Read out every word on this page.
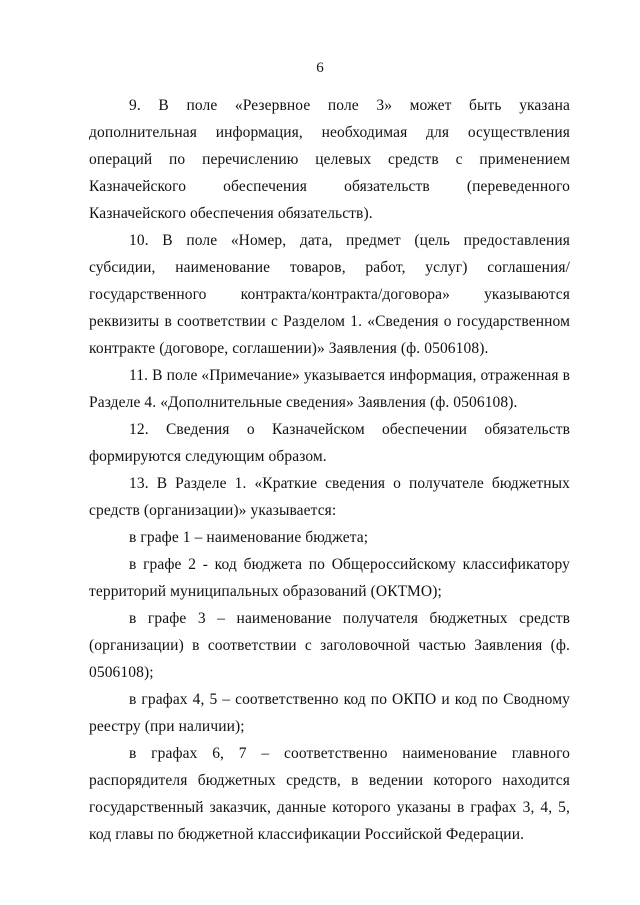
6

9. В поле «Резервное поле 3» может быть указана дополнительная информация, необходимая для осуществления операций по перечислению целевых средств с применением Казначейского обеспечения обязательств (переведенного Казначейского обеспечения обязательств).

10. В поле «Номер, дата, предмет (цель предоставления субсидии, наименование товаров, работ, услуг) соглашения/государственного контракта/контракта/договора» указываются реквизиты в соответствии с Разделом 1. «Сведения о государственном контракте (договоре, соглашении)» Заявления (ф. 0506108).

11. В поле «Примечание» указывается информация, отраженная в Разделе 4. «Дополнительные сведения» Заявления (ф. 0506108).

12. Сведения о Казначейском обеспечении обязательств формируются следующим образом.

13. В Разделе 1. «Краткие сведения о получателе бюджетных средств (организации)» указывается:

в графе 1 – наименование бюджета;

в графе 2 - код бюджета по Общероссийскому классификатору территорий муниципальных образований (ОКТМО);

в графе 3 – наименование получателя бюджетных средств (организации) в соответствии с заголовочной частью Заявления (ф. 0506108);

в графах 4, 5 – соответственно код по ОКПО и код по Сводному реестру (при наличии);

в графах 6, 7 – соответственно наименование главного распорядителя бюджетных средств, в ведении которого находится государственный заказчик, данные которого указаны в графах 3, 4, 5, код главы по бюджетной классификации Российской Федерации.
